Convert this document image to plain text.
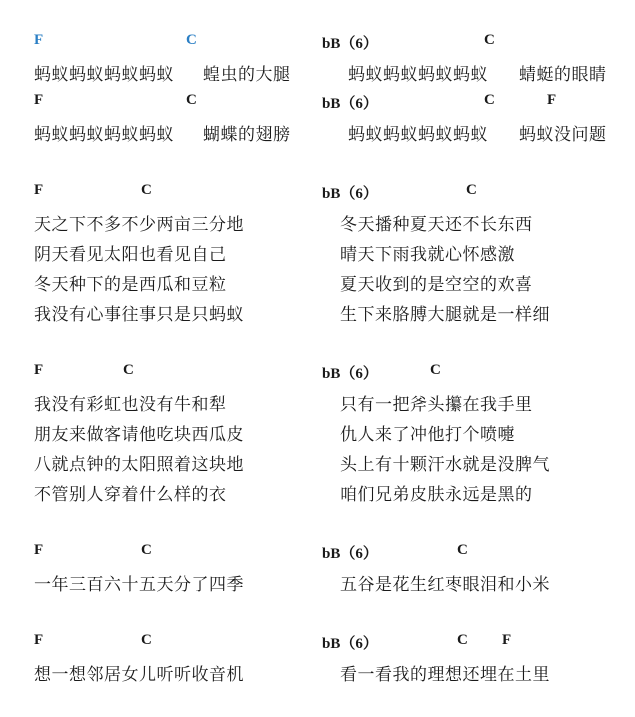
F	C	bB（6）	C
蚂蚁蚂蚁蚂蚁蚂蚁 蝗虫的大腿	蚂蚁蚂蚁蚂蚁蚂蚁 蜻蜓的眼睛
F	C	bB（6）	C	F
蚂蚁蚂蚁蚂蚁蚂蚁 蝴蝶的翅膀	蚂蚁蚂蚁蚂蚁蚂蚁 蚂蚁没问题
F	C	bB（6）	C
天之下不多不少两亩三分地
阴天看见太阳也看见自己
冬天种下的是西瓜和豆粒
我没有心事往事只是只蚂蚁
冬天播种夏天还不长东西
晴天下雨我就心怀感激
夏天收到的是空空的欢喜
生下来胳膊大腿就是一样细
F	C	bB（6）	C
我没有彩虹也没有牛和犁
朋友来做客请他吃块西瓜皮
八就点钟的太阳照着这块地
不管别人穿着什么样的衣
只有一把斧头攥在我手里
仇人来了冲他打个喷嚏
头上有十颗汗水就是没脾气
咱们兄弟皮肤永远是黑的
F	C	bB（6）	C
一年三百六十五天分了四季	五谷是花生红枣眼泪和小米
F	C	bB（6）	C F
想一想邻居女儿听听收音机	看一看我的理想还埋在土里
